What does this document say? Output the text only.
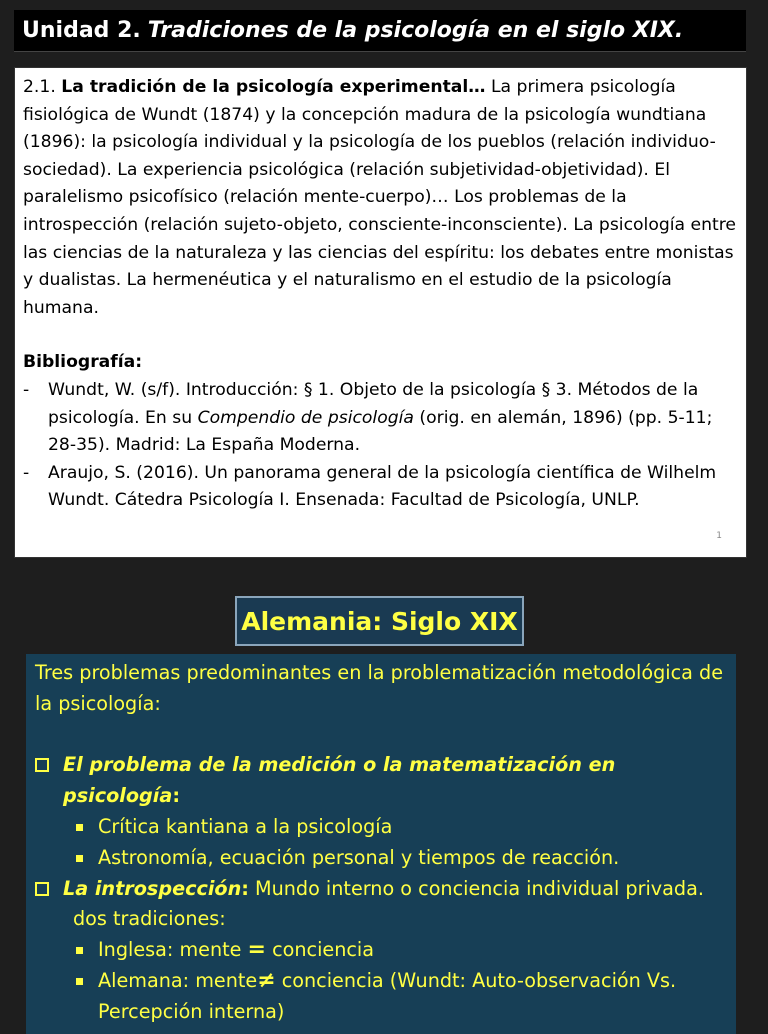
Unidad 2. Tradiciones de la psicología en el siglo XIX.

2.1. La tradición de la psicología experimental… La primera psicología fisiológica de Wundt (1874) y la concepción madura de la psicología wundtiana (1896): la psicología individual y la psicología de los pueblos (relación individuo-sociedad). La experiencia psicológica (relación subjetividad-objetividad). El paralelismo psicofísico (relación mente-cuerpo)… Los problemas de la introspección (relación sujeto-objeto, consciente-inconsciente). La psicología entre las ciencias de la naturaleza y las ciencias del espíritu: los debates entre monistas y dualistas. La hermenéutica y el naturalismo en el estudio de la psicología humana.

Bibliografía:

- Wundt, W. (s/f). Introducción: § 1. Objeto de la psicología § 3. Métodos de la psicología. En su Compendio de psicología (orig. en alemán, 1896) (pp. 5-11; 28-35). Madrid: La España Moderna.

- Araujo, S. (2016). Un panorama general de la psicología científica de Wilhelm Wundt. Cátedra Psicología I. Ensenada: Facultad de Psicología, UNLP.

1
Alemania: Siglo XIX

Tres problemas predominantes en la problematización metodológica de la psicología:

El problema de la medición o la matematización en psicología:

Crítica kantiana a la psicología

Astronomía, ecuación personal y tiempos de reacción.

La introspección: Mundo interno o conciencia individual privada.

dos tradiciones:

Inglesa: mente = conciencia

Alemana: mente≠ conciencia (Wundt: Auto-observación Vs. Percepción interna)
